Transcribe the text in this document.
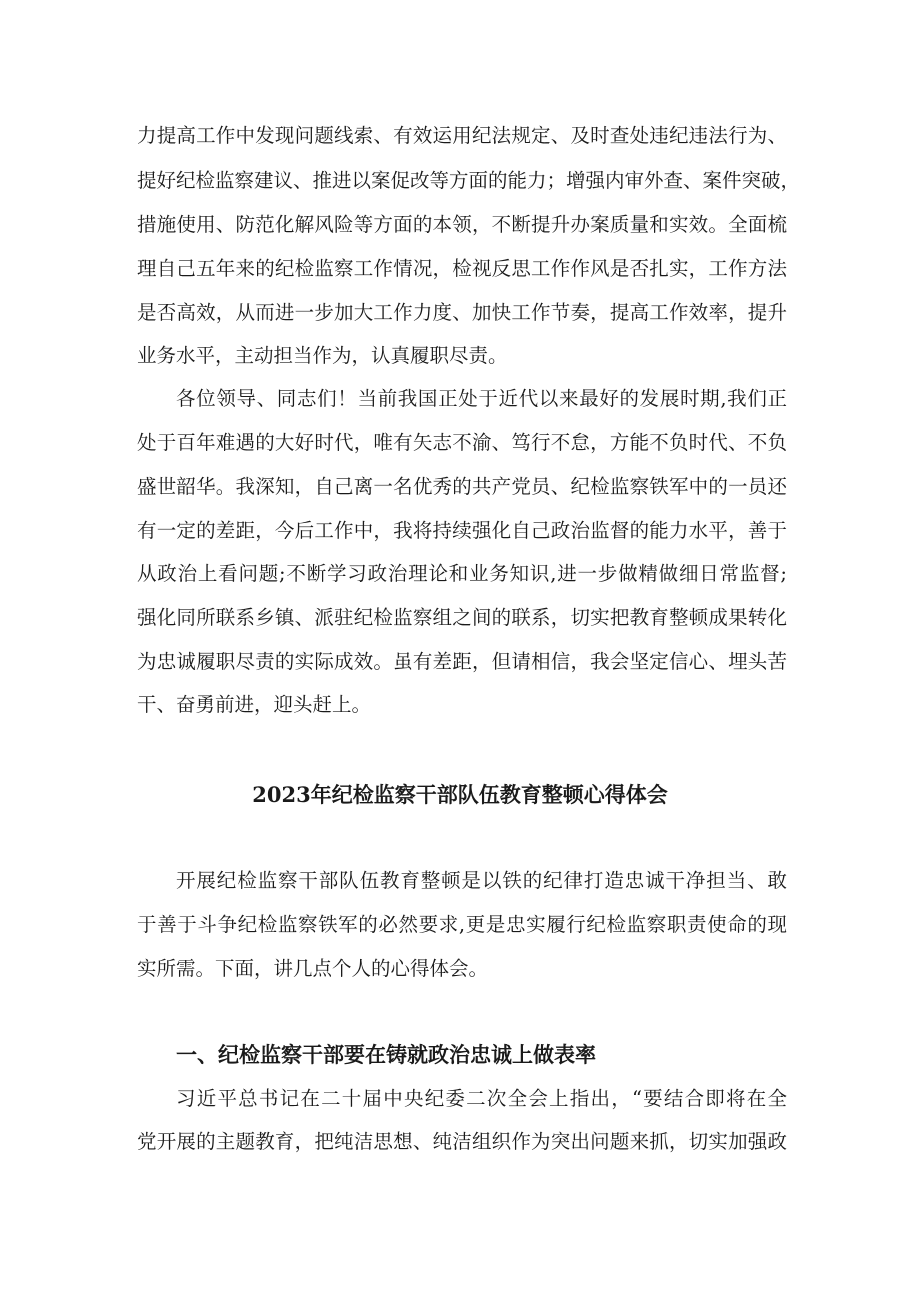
力提高工作中发现问题线索、有效运用纪法规定、及时查处违纪违法行为、
提好纪检监察建议、推进以案促改等方面的能力；增强内审外查、案件突破，
措施使用、防范化解风险等方面的本领，不断提升办案质量和实效。全面梳
理自己五年来的纪检监察工作情况，检视反思工作作风是否扎实，工作方法
是否高效，从而进一步加大工作力度、加快工作节奏，提高工作效率，提升
业务水平，主动担当作为，认真履职尽责。
各位领导、同志们！当前我国正处于近代以来最好的发展时期,我们正
处于百年难遇的大好时代，唯有矢志不渝、笃行不怠，方能不负时代、不负
盛世韶华。我深知，自己离一名优秀的共产党员、纪检监察铁军中的一员还
有一定的差距，今后工作中，我将持续强化自己政治监督的能力水平，善于
从政治上看问题;不断学习政治理论和业务知识,进一步做精做细日常监督;
强化同所联系乡镇、派驻纪检监察组之间的联系，切实把教育整顿成果转化
为忠诚履职尽责的实际成效。虽有差距，但请相信，我会坚定信心、埋头苦
干、奋勇前进，迎头赶上。
2023年纪检监察干部队伍教育整顿心得体会
开展纪检监察干部队伍教育整顿是以铁的纪律打造忠诚干净担当、敢
于善于斗争纪检监察铁军的必然要求,更是忠实履行纪检监察职责使命的现
实所需。下面，讲几点个人的心得体会。
一、纪检监察干部要在铸就政治忠诚上做表率
习近平总书记在二十届中央纪委二次全会上指出，“要结合即将在全
党开展的主题教育，把纯洁思想、纯洁组织作为突出问题来抓，切实加强政
